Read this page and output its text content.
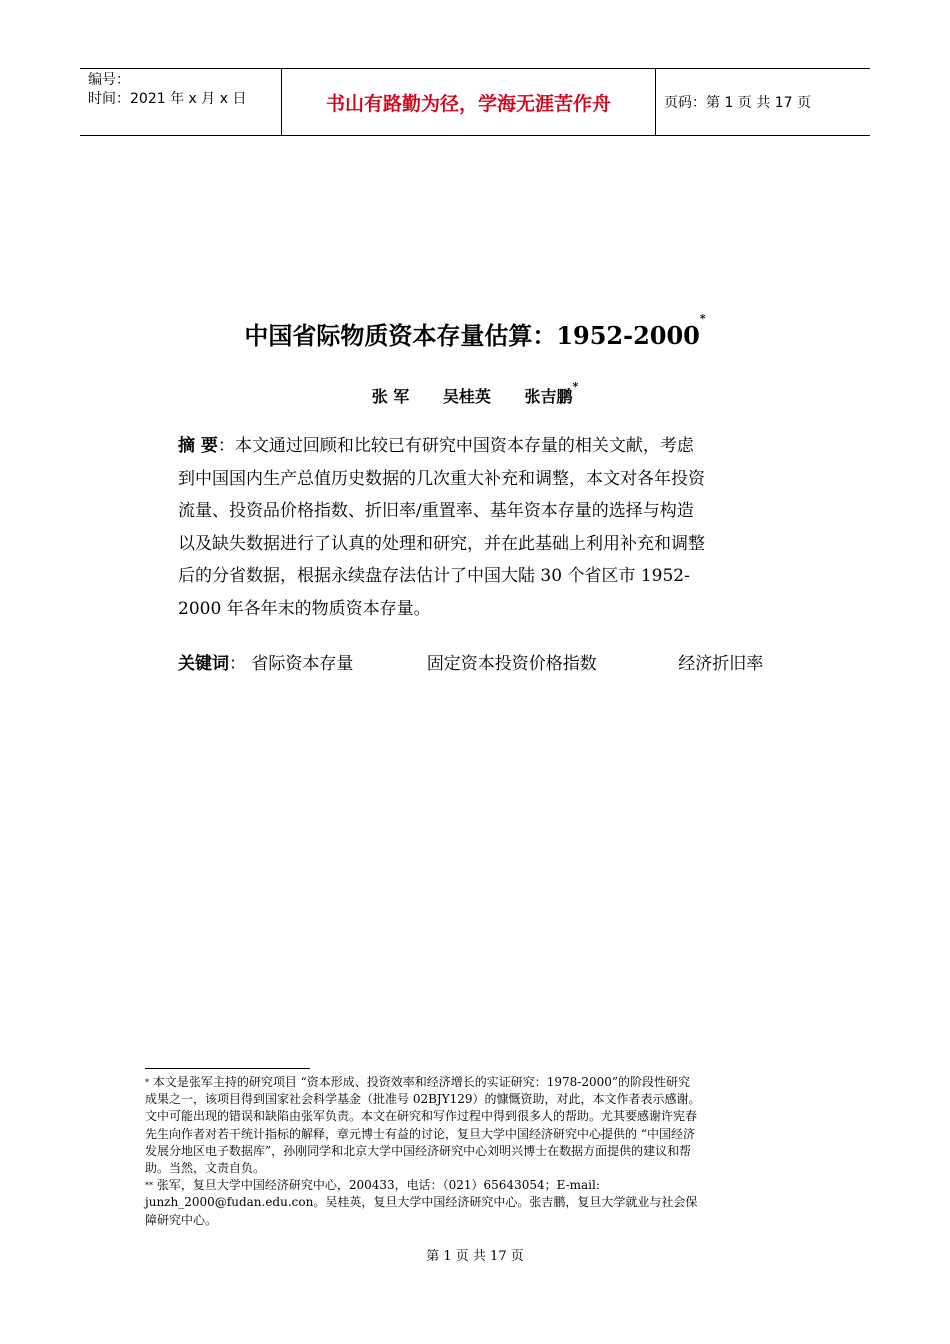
编号：
时间：2021 年 x 月 x 日	书山有路勤为径，学海无涯苦作舟	页码：第 1 页 共 17 页
中国省际物质资本存量估算：1952-2000*
张 军 吴桂英 张吉鹏*
摘 要：本文通过回顾和比较已有研究中国资本存量的相关文献，考虑
到中国国内生产总值历史数据的几次重大补充和调整，本文对各年投资
流量、投资品价格指数、折旧率/重置率、基年资本存量的选择与构造
以及缺失数据进行了认真的处理和研究，并在此基础上利用补充和调整
后的分省数据，根据永续盘存法估计了中国大陆 30 个省区市 1952-
2000 年各年末的物质资本存量。
关键词： 省际资本存量	固定资本投资价格指数	经济折旧率
* 本文是张军主持的研究项目 “资本形成、投资效率和经济增长的实证研究：1978-2000”的阶段性研究
成果之一，该项目得到国家社会科学基金（批准号 02BJY129）的慷慨资助，对此，本文作者表示感谢。
文中可能出现的错误和缺陷由张军负责。本文在研究和写作过程中得到很多人的帮助。尤其要感谢许宪春
先生向作者对若干统计指标的解释，章元博士有益的讨论，复旦大学中国经济研究中心提供的 “中国经济
发展分地区电子数据库”，孙刚同学和北京大学中国经济研究中心刘明兴博士在数据方面提供的建议和帮
助。当然，文责自负。
** 张军，复旦大学中国经济研究中心，200433，电话：（021）65643054；E-mail:
junzh_2000@fudan.edu.con。吴桂英，复旦大学中国经济研究中心。张吉鹏，复旦大学就业与社会保
障研究中心。
第 1 页 共 17 页
